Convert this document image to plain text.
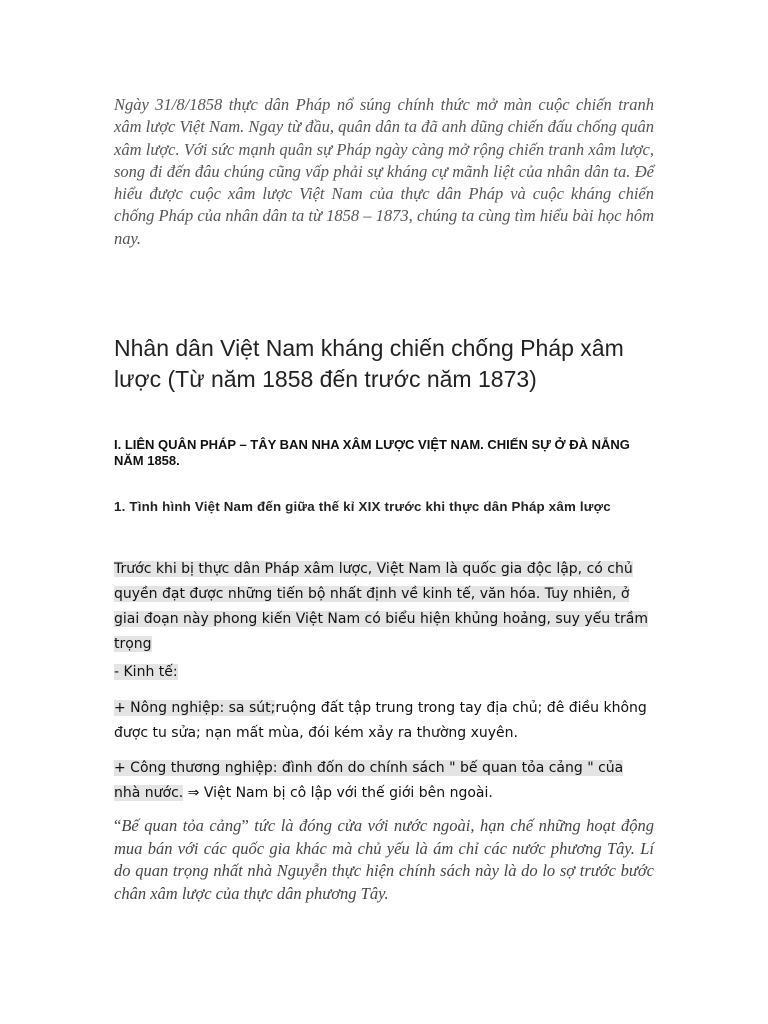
Ngày 31/8/1858 thực dân Pháp nổ súng chính thức mở màn cuộc chiến tranh xâm lược Việt Nam. Ngay từ đầu, quân dân ta đã anh dũng chiến đấu chống quân xâm lược. Với sức mạnh quân sự Pháp ngày càng mở rộng chiến tranh xâm lược, song đi đến đâu chúng cũng vấp phải sự kháng cự mãnh liệt của nhân dân ta. Để hiểu được cuộc xâm lược Việt Nam của thực dân Pháp và cuộc kháng chiến chống Pháp của nhân dân ta từ 1858 – 1873, chúng ta cùng tìm hiểu bài học hôm nay.

Nhân dân Việt Nam kháng chiến chống Pháp xâm lược (Từ năm 1858 đến trước năm 1873)
I. LIÊN QUÂN PHÁP – TÂY BAN NHA XÂM LƯỢC VIỆT NAM. CHIẾN SỰ Ở ĐÀ NẴNG NĂM 1858.
1. Tình hình Việt Nam đến giữa thế kỉ XIX trước khi thực dân Pháp xâm lược

Trước khi bị thực dân Pháp xâm lược, Việt Nam là quốc gia độc lập, có chủ quyền đạt được những tiến bộ nhất định về kinh tế, văn hóa. Tuy nhiên, ở giai đoạn này phong kiến Việt Nam có biểu hiện khủng hoảng, suy yếu trầm trọng

- Kinh tế:

+ Nông nghiệp: sa sút;ruộng đất tập trung trong tay địa chủ; đê điều không được tu sửa; nạn mất mùa, đói kém xảy ra thường xuyên.

+ Công thương nghiệp: đình đốn do chính sách " bế quan tỏa cảng " của nhà nước. ⇒ Việt Nam bị cô lập với thế giới bên ngoài.

“Bế quan tỏa cảng” tức là đóng cửa với nước ngoài, hạn chế những hoạt động mua bán với các quốc gia khác mà chủ yếu là ám chỉ các nước phương Tây. Lí do quan trọng nhất nhà Nguyễn thực hiện chính sách này là do lo sợ trước bước chân xâm lược của thực dân phương Tây.
